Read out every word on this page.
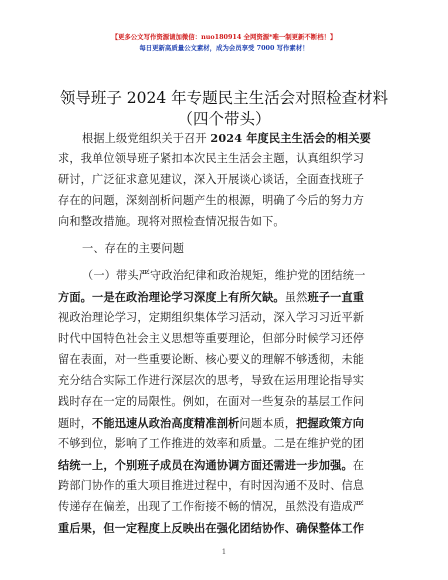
【更多公文写作资源请加微信：nuo180914 全网资源*唯一制更新不断档！】
每日更新高质量公文素材，成为会员享受 7000 写作素材！
领导班子 2024 年专题民主生活会对照检查材料
（四个带头）
根据上级党组织关于召开 2024 年度民主生活会的相关要
求，我单位领导班子紧扣本次民主生活会主题，认真组织学习
研讨，广泛征求意见建议，深入开展谈心谈话，全面查找班子
存在的问题，深刻剖析问题产生的根源，明确了今后的努力方
向和整改措施。现将对照检查情况报告如下。
一、存在的主要问题
（一）带头严守政治纪律和政治规矩，维护党的团结统一
方面。一是在政治理论学习深度上有所欠缺。虽然班子一直重
视政治理论学习，定期组织集体学习活动，深入学习习近平新
时代中国特色社会主义思想等重要理论，但部分时候学习还停
留在表面，对一些重要论断、核心要义的理解不够透彻，未能
充分结合实际工作进行深层次的思考，导致在运用理论指导实
践时存在一定的局限性。例如，在面对一些复杂的基层工作问
题时，不能迅速从政治高度精准剖析问题本质，把握政策方向
不够到位，影响了工作推进的效率和质量。二是在维护党的团
结统一上，个别班子成员在沟通协调方面还需进一步加强。在
跨部门协作的重大项目推进过程中，有时因沟通不及时、信息
传递存在偏差，出现了工作衔接不畅的情况，虽然没有造成严
重后果，但一定程度上反映出在强化团结协作、确保整体工作
1
